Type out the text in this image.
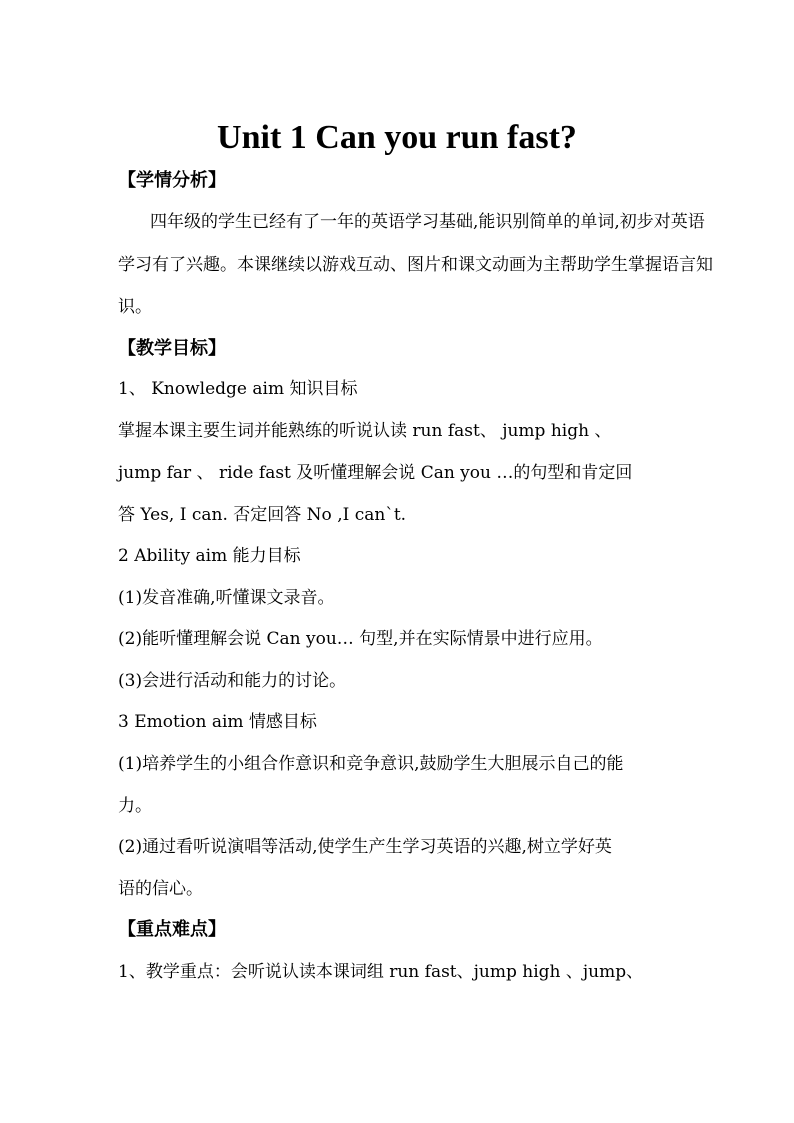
Unit 1 Can you run fast?
【学情分析】
四年级的学生已经有了一年的英语学习基础,能识别简单的单词,初步对英语
学习有了兴趣。本课继续以游戏互动、图片和课文动画为主帮助学生掌握语言知
识。
【教学目标】
1、 Knowledge aim 知识目标
掌握本课主要生词并能熟练的听说认读 run fast、 jump high 、
jump far 、 ride fast 及听懂理解会说 Can you …的句型和肯定回
答 Yes, I can. 否定回答 No ,I can`t.
2 Ability aim 能力目标
(1)发音准确,听懂课文录音。
(2)能听懂理解会说 Can you… 句型,并在实际情景中进行应用。
(3)会进行活动和能力的讨论。
3 Emotion aim 情感目标
(1)培养学生的小组合作意识和竞争意识,鼓励学生大胆展示自己的能
力。
(2)通过看听说演唱等活动,使学生产生学习英语的兴趣,树立学好英
语的信心。
【重点难点】
1、教学重点：会听说认读本课词组 run fast、jump high 、jump、
